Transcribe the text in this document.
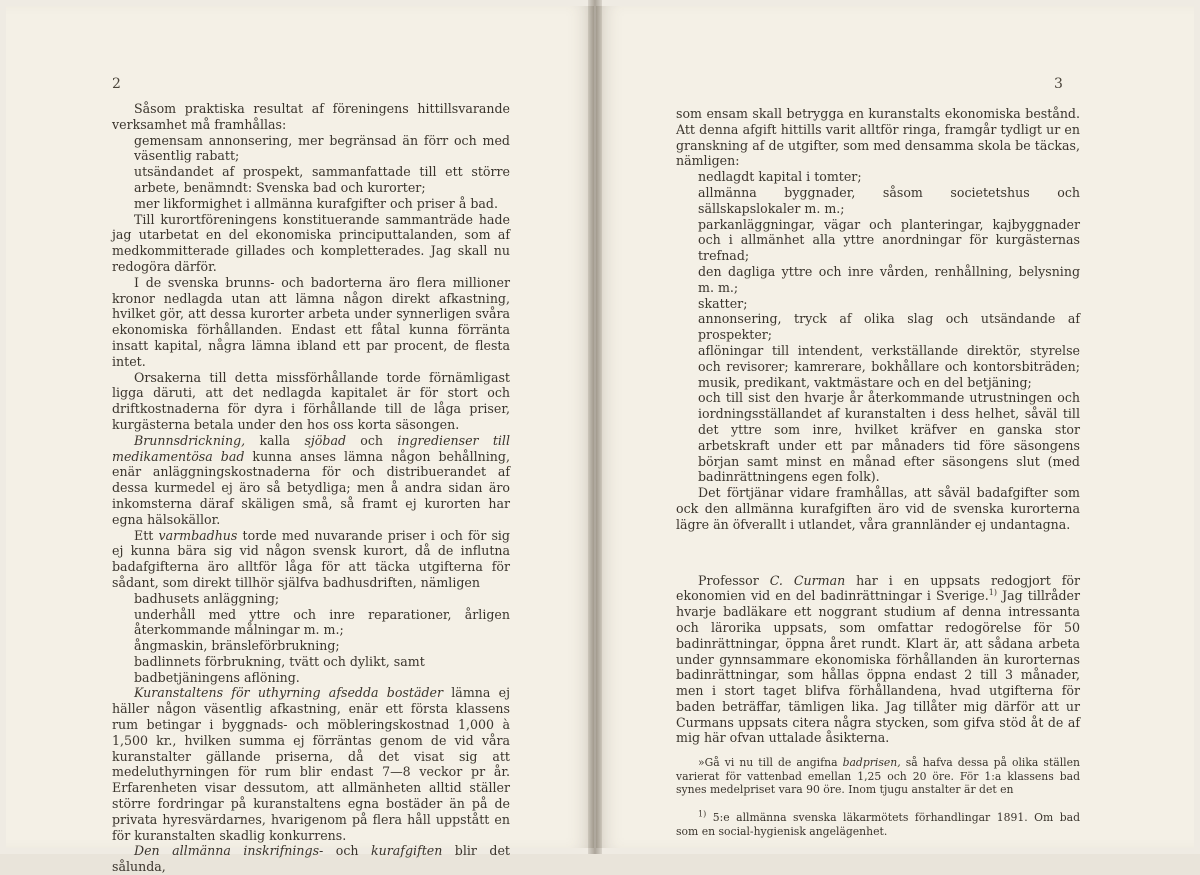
2

Såsom praktiska resultat af föreningens hittillsvarande verksamhet må framhållas:

gemensam annonsering, mer begränsad än förr och med väsentlig rabatt;

utsändandet af prospekt, sammanfattade till ett större arbete, benämndt: Svenska bad och kurorter;

mer likformighet i allmänna kurafgifter och priser å bad.

Till kurortföreningens konstituerande sammanträde hade jag utarbetat en del ekonomiska principuttalanden, som af medkommitterade gillades och kompletterades. Jag skall nu redogöra därför.

I de svenska brunns- och badorterna äro flera millioner kronor nedlagda utan att lämna någon direkt afkastning, hvilket gör, att dessa kurorter arbeta under synnerligen svåra ekonomiska förhållanden. Endast ett fåtal kunna förränta insatt kapital, några lämna ibland ett par procent, de flesta intet.

Orsakerna till detta missförhållande torde förnämligast ligga däruti, att det nedlagda kapitalet är för stort och driftkostnaderna för dyra i förhållande till de låga priser, kurgästerna betala under den hos oss korta säsongen.

Brunnsdrickning, kalla sjöbad och ingredienser till medikamentösa bad kunna anses lämna någon behållning, enär anläggningskostnaderna för och distribuerandet af dessa kurmedel ej äro så betydliga; men å andra sidan äro inkomsterna däraf skäligen små, så framt ej kurorten har egna hälsokällor.

Ett varmbadhus torde med nuvarande priser i och för sig ej kunna bära sig vid någon svensk kurort, då de influtna badafgifterna äro alltför låga för att täcka utgifterna för sådant, som direkt tillhör själfva badhusdriften, nämligen

badhusets anläggning;

underhåll med yttre och inre reparationer, årligen återkommande målningar m. m.;

ångmaskin, bränsleförbrukning;

badlinnets förbrukning, tvätt och dylikt, samt

badbetjäningens aflöning.

Kuranstaltens för uthyrning afsedda bostäder lämna ej häller någon väsentlig afkastning, enär ett första klassens rum betingar i byggnads- och möbleringskostnad 1,000 à 1,500 kr., hvilken summa ej förräntas genom de vid våra kuranstalter gällande priserna, då det visat sig att medeluthyrningen för rum blir endast 7—8 veckor pr år. Erfarenheten visar dessutom, att allmänheten alltid ställer större fordringar på kuranstaltens egna bostäder än på de privata hyresvärdarnes, hvarigenom på flera håll uppstått en för kuranstalten skadlig konkurrens.

Den allmänna inskrifnings- och kurafgiften blir det sålunda,

3

som ensam skall betrygga en kuranstalts ekonomiska bestånd. Att denna afgift hittills varit alltför ringa, framgår tydligt ur en granskning af de utgifter, som med densamma skola be täckas, nämligen:

nedlagdt kapital i tomter;

allmänna byggnader, såsom societetshus och sällskapslokaler m. m.;

parkanläggningar, vägar och planteringar, kajbyggnader och i allmänhet alla yttre anordningar för kurgästernas trefnad;

den dagliga yttre och inre vården, renhållning, belysning m. m.;

skatter;

annonsering, tryck af olika slag och utsändande af prospekter;

aflöningar till intendent, verkställande direktör, styrelse och revisorer; kamrerare, bokhållare och kontorsbiträden; musik, predikant, vaktmästare och en del betjäning;

och till sist den hvarje år återkommande utrustningen och iordningsställandet af kuranstalten i dess helhet, såväl till det yttre som inre, hvilket kräfver en ganska stor arbetskraft under ett par månaders tid före säsongens början samt minst en månad efter säsongens slut (med badinrättningens egen folk).

Det förtjänar vidare framhållas, att såväl badafgifter som ock den allmänna kurafgiften äro vid de svenska kurorterna lägre än öfverallt i utlandet, våra grannländer ej undantagna.

Professor C. Curman har i en uppsats redogjort för ekonomien vid en del badinrättningar i Sverige.$^{1)}$ Jag tillråder hvarje badläkare ett noggrant studium af denna intressanta och lärorika uppsats, som omfattar redogörelse för 50 badinrättningar, öppna året rundt. Klart är, att sådana arbeta under gynnsammare ekonomiska förhållanden än kurorternas badinrättningar, som hållas öppna endast 2 till 3 månader, men i stort taget blifva förhållandena, hvad utgifterna för baden beträffar, tämligen lika. Jag tillåter mig därför att ur Curmans uppsats citera några stycken, som gifva stöd åt de af mig här ofvan uttalade åsikterna.

»Gå vi nu till de angifna badprisen, så hafva dessa på olika ställen varierat för vattenbad emellan 1,25 och 20 öre. För 1:a klassens bad synes medelpriset vara 90 öre. Inom tjugu anstalter är det en

$^{1)}$ 5:e allmänna svenska läkarmötets förhandlingar 1891. Om bad som en social-hygienisk angelägenhet.
